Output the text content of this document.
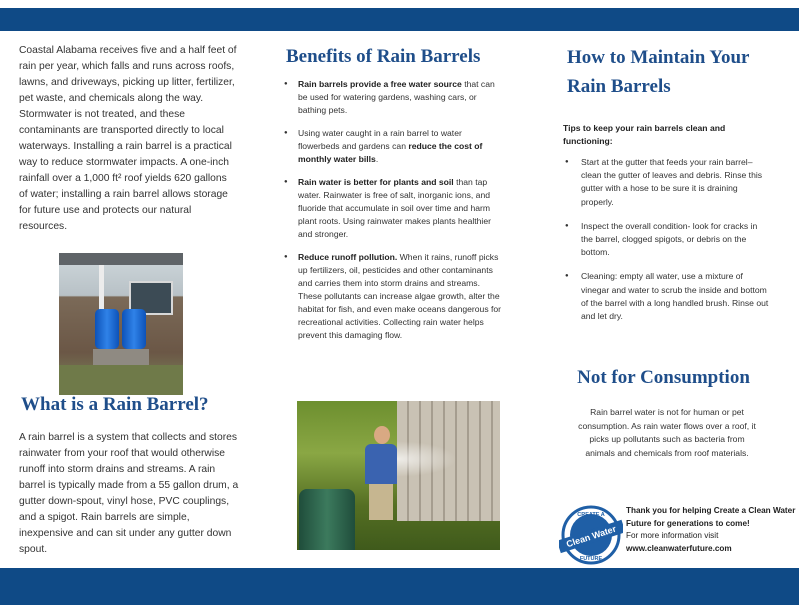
Coastal Alabama receives five and a half feet of rain per year, which falls and runs across roofs, lawns, and driveways, picking up litter, fertilizer, pet waste, and chemicals along the way. Stormwater is not treated, and these contaminants are transported directly to local waterways. Installing a rain barrel is a practical way to reduce stormwater impacts. A one-inch rainfall over a 1,000 ft² roof yields 620 gallons of water; installing a rain barrel allows storage for future use and protects our natural resources.
What is a Rain Barrel?
A rain barrel is a system that collects and stores rainwater from your roof that would otherwise runoff into storm drains and streams. A rain barrel is typically made from a 55 gallon drum, a gutter down-spout, vinyl hose, PVC couplings, and a spigot. Rain barrels are simple, inexpensive and can sit under any gutter down spout.
Benefits of Rain Barrels
● Rain barrels provide a free water source that can be used for watering gardens, washing cars, or bathing pets.
● Using water caught in a rain barrel to water flowerbeds and gardens can reduce the cost of monthly water bills.
● Rain water is better for plants and soil than tap water. Rainwater is free of salt, inorganic ions, and fluoride that accumulate in soil over time and harm plant roots. Using rainwater makes plants healthier and stronger.
● Reduce runoff pollution. When it rains, runoff picks up fertilizers, oil, pesticides and other contaminants and carries them into storm drains and streams. These pollutants can increase algae growth, alter the habitat for fish, and even make oceans dangerous for recreational activities. Collecting rain water helps prevent this damaging flow.
How to Maintain Your Rain Barrels
Tips to keep your rain barrels clean and functioning:
● Start at the gutter that feeds your rain barrel–clean the gutter of leaves and debris. Rinse this gutter with a hose to be sure it is draining properly.
● Inspect the overall condition- look for cracks in the barrel, clogged spigots, or debris on the bottom.
● Cleaning: empty all water, use a mixture of vinegar and water to scrub the inside and bottom of the barrel with a long handled brush. Rinse out and let dry.
Not for Consumption
Rain barrel water is not for human or pet consumption. As rain water flows over a roof, it picks up pollutants such as bacteria from animals and chemicals from roof materials.
CREATE A
Clean Water
FUTURE
Thank you for helping Create a Clean Water Future for generations to come!
For more information visit
www.cleanwaterfuture.com
